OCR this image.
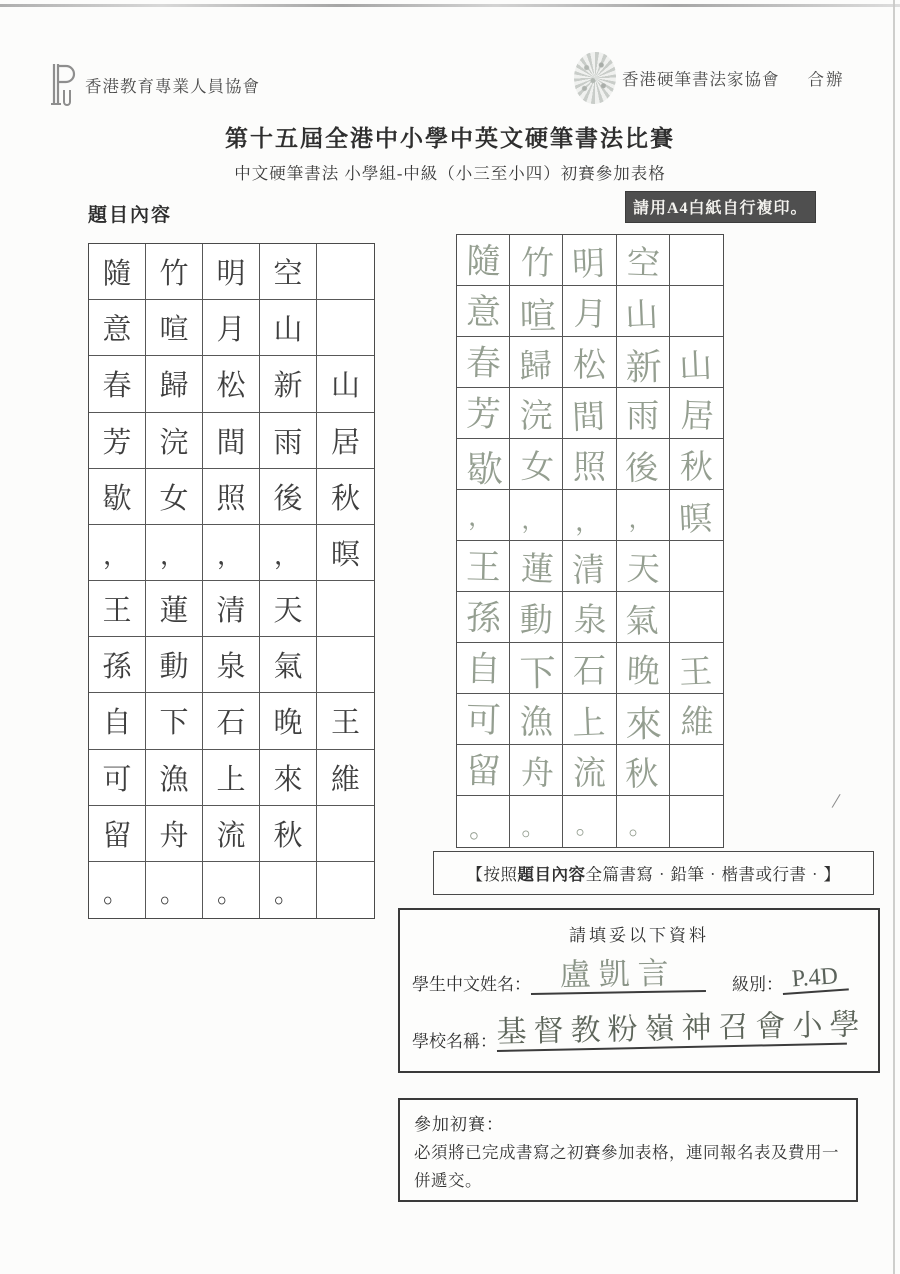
/
香港教育專業人員協會	香港硬筆書法家協會 合辦
第十五屆全港中小學中英文硬筆書法比賽
中文硬筆書法 小學組-中級（小三至小四）初賽參加表格
請用A4白紙自行複印。
題目內容
隨 竹 明 空
意 喧 月 山
春 歸 松 新 山
芳 浣 間 雨 居
歇 女 照 後 秋
， ， ， ， 暝
王 蓮 清 天
孫 動 泉 氣
自 下 石 晚 王
可 漁 上 來 維
留 舟 流 秋
。 。 。 。
隨 竹 明 空
意 喧 月 山
春 歸 松 新 山
芳 浣 間 雨 居
歇 女 照 後 秋
， ， ， ， 暝
王 蓮 清 天
孫 動 泉 氣
自 下 石 晚 王
可 漁 上 來 維
留 舟 流 秋
。 。 。 。
【按照 題目內容 全篇書寫‧鉛筆‧楷書或行書‧】
請填妥以下資料
學生中文姓名： 盧凱言	級別： P.4D
學校名稱： 基督教粉嶺神召會小學
參加初賽：
必須將已完成書寫之初賽參加表格，連同報名表及費用一併遞交。
